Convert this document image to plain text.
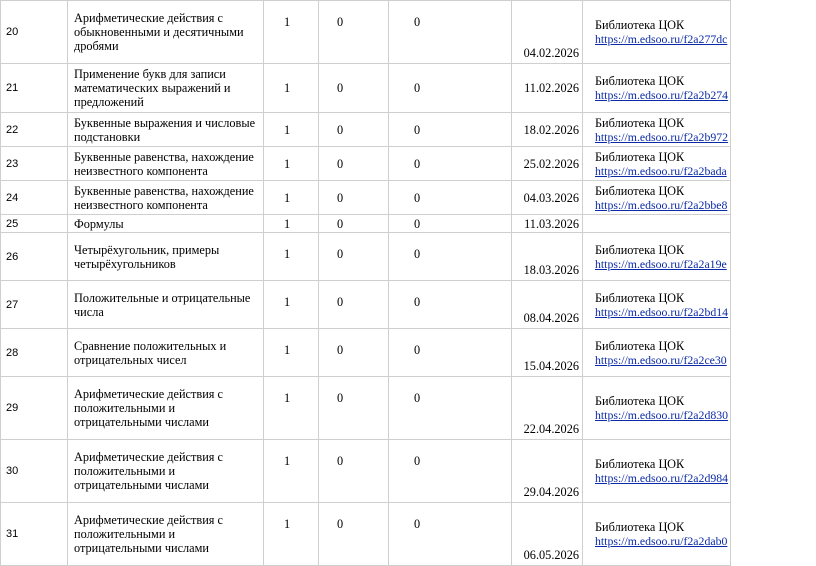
20	Арифметические действия с обыкновенными и десятичными дробями	1	0	0	04.02.2026	Библиотека ЦОК
https://m.edsoo.ru/f2a277dc

21	Применение букв для записи математических выражений и предложений	1	0	0	11.02.2026	Библиотека ЦОК
https://m.edsoo.ru/f2a2b274

22	Буквенные выражения и числовые подстановки	1	0	0	18.02.2026	Библиотека ЦОК
https://m.edsoo.ru/f2a2b972

23	Буквенные равенства, нахождение неизвестного компонента	1	0	0	25.02.2026	Библиотека ЦОК
https://m.edsoo.ru/f2a2bada

24	Буквенные равенства, нахождение неизвестного компонента	1	0	0	04.03.2026	Библиотека ЦОК
https://m.edsoo.ru/f2a2bbe8

25	Формулы	1	0	0	11.03.2026	

26	Четырёхугольник, примеры четырёхугольников	1	0	0	18.03.2026	Библиотека ЦОК
https://m.edsoo.ru/f2a2a19e

27	Положительные и отрицательные числа	1	0	0	08.04.2026	Библиотека ЦОК
https://m.edsoo.ru/f2a2bd14

28	Сравнение положительных и отрицательных чисел	1	0	0	15.04.2026	Библиотека ЦОК
https://m.edsoo.ru/f2a2ce30

29	Арифметические действия с положительными и отрицательными числами	1	0	0	22.04.2026	Библиотека ЦОК
https://m.edsoo.ru/f2a2d830

30	Арифметические действия с положительными и отрицательными числами	1	0	0	29.04.2026	Библиотека ЦОК
https://m.edsoo.ru/f2a2d984

31	Арифметические действия с положительными и отрицательными числами	1	0	0	06.05.2026	Библиотека ЦОК
https://m.edsoo.ru/f2a2dab0
